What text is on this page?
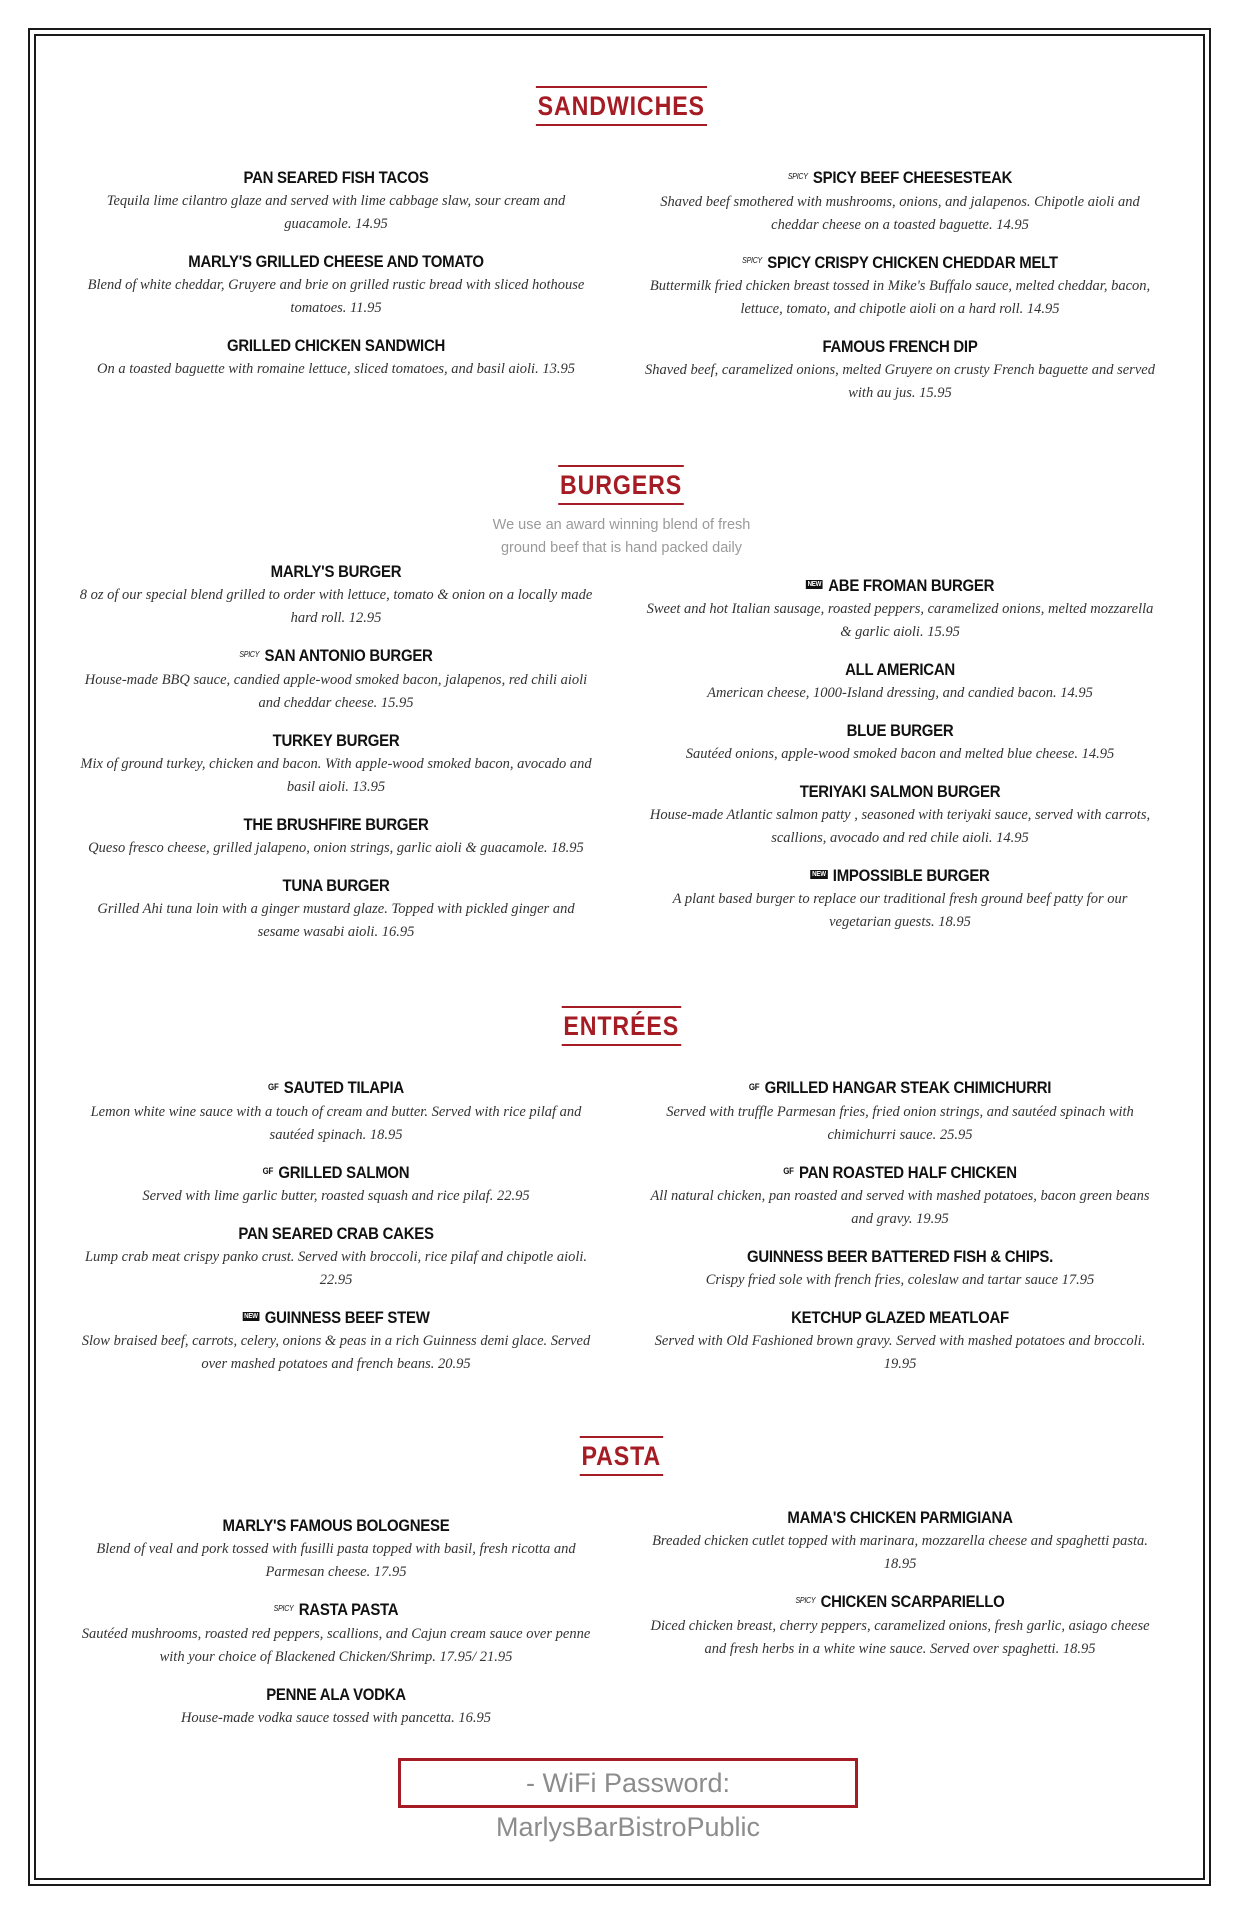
SANDWICHES
PAN SEARED FISH TACOS
Tequila lime cilantro glaze and served with lime cabbage slaw, sour cream and guacamole. 14.95
MARLY'S GRILLED CHEESE AND TOMATO
Blend of white cheddar, Gruyere and brie on grilled rustic bread with sliced hothouse tomatoes. 11.95
GRILLED CHICKEN SANDWICH
On a toasted baguette with romaine lettuce, sliced tomatoes, and basil aioli. 13.95
SPICY SPICY BEEF CHEESESTEAK
Shaved beef smothered with mushrooms, onions, and jalapenos. Chipotle aioli and cheddar cheese on a toasted baguette. 14.95
SPICY SPICY CRISPY CHICKEN CHEDDAR MELT
Buttermilk fried chicken breast tossed in Mike's Buffalo sauce, melted cheddar, bacon, lettuce, tomato, and chipotle aioli on a hard roll. 14.95
FAMOUS FRENCH DIP
Shaved beef, caramelized onions, melted Gruyere on crusty French baguette and served with au jus. 15.95
BURGERS
We use an award winning blend of fresh
ground beef that is hand packed daily
MARLY'S BURGER
8 oz of our special blend grilled to order with lettuce, tomato & onion on a locally made hard roll. 12.95
SPICY SAN ANTONIO BURGER
House-made BBQ sauce, candied apple-wood smoked bacon, jalapenos, red chili aioli and cheddar cheese. 15.95
TURKEY BURGER
Mix of ground turkey, chicken and bacon. With apple-wood smoked bacon, avocado and basil aioli. 13.95
THE BRUSHFIRE BURGER
Queso fresco cheese, grilled jalapeno, onion strings, garlic aioli & guacamole. 18.95
TUNA BURGER
Grilled Ahi tuna loin with a ginger mustard glaze. Topped with pickled ginger and sesame wasabi aioli. 16.95
NEW ABE FROMAN BURGER
Sweet and hot Italian sausage, roasted peppers, caramelized onions, melted mozzarella & garlic aioli. 15.95
ALL AMERICAN
American cheese, 1000-Island dressing, and candied bacon. 14.95
BLUE BURGER
Sautéed onions, apple-wood smoked bacon and melted blue cheese. 14.95
TERIYAKI SALMON BURGER
House-made Atlantic salmon patty , seasoned with teriyaki sauce, served with carrots, scallions, avocado and red chile aioli. 14.95
NEW IMPOSSIBLE BURGER
A plant based burger to replace our traditional fresh ground beef patty for our vegetarian guests. 18.95
ENTRÉES
GF SAUTED TILAPIA
Lemon white wine sauce with a touch of cream and butter. Served with rice pilaf and sautéed spinach. 18.95
GF GRILLED SALMON
Served with lime garlic butter, roasted squash and rice pilaf. 22.95
PAN SEARED CRAB CAKES
Lump crab meat crispy panko crust. Served with broccoli, rice pilaf and chipotle aioli. 22.95
NEW GUINNESS BEEF STEW
Slow braised beef, carrots, celery, onions & peas in a rich Guinness demi glace. Served over mashed potatoes and french beans. 20.95
GF GRILLED HANGAR STEAK CHIMICHURRI
Served with truffle Parmesan fries, fried onion strings, and sautéed spinach with chimichurri sauce. 25.95
GF PAN ROASTED HALF CHICKEN
All natural chicken, pan roasted and served with mashed potatoes, bacon green beans and gravy. 19.95
GUINNESS BEER BATTERED FISH & CHIPS.
Crispy fried sole with french fries, coleslaw and tartar sauce 17.95
KETCHUP GLAZED MEATLOAF
Served with Old Fashioned brown gravy. Served with mashed potatoes and broccoli. 19.95
PASTA
MARLY'S FAMOUS BOLOGNESE
Blend of veal and pork tossed with fusilli pasta topped with basil, fresh ricotta and Parmesan cheese. 17.95
SPICY RASTA PASTA
Sautéed mushrooms, roasted red peppers, scallions, and Cajun cream sauce over penne with your choice of Blackened Chicken/Shrimp. 17.95/ 21.95
PENNE ALA VODKA
House-made vodka sauce tossed with pancetta. 16.95
MAMA'S CHICKEN PARMIGIANA
Breaded chicken cutlet topped with marinara, mozzarella cheese and spaghetti pasta. 18.95
SPICY CHICKEN SCARPARIELLO
Diced chicken breast, cherry peppers, caramelized onions, fresh garlic, asiago cheese and fresh herbs in a white wine sauce. Served over spaghetti. 18.95
- WiFi Password: MarlysBarBistroPublic
